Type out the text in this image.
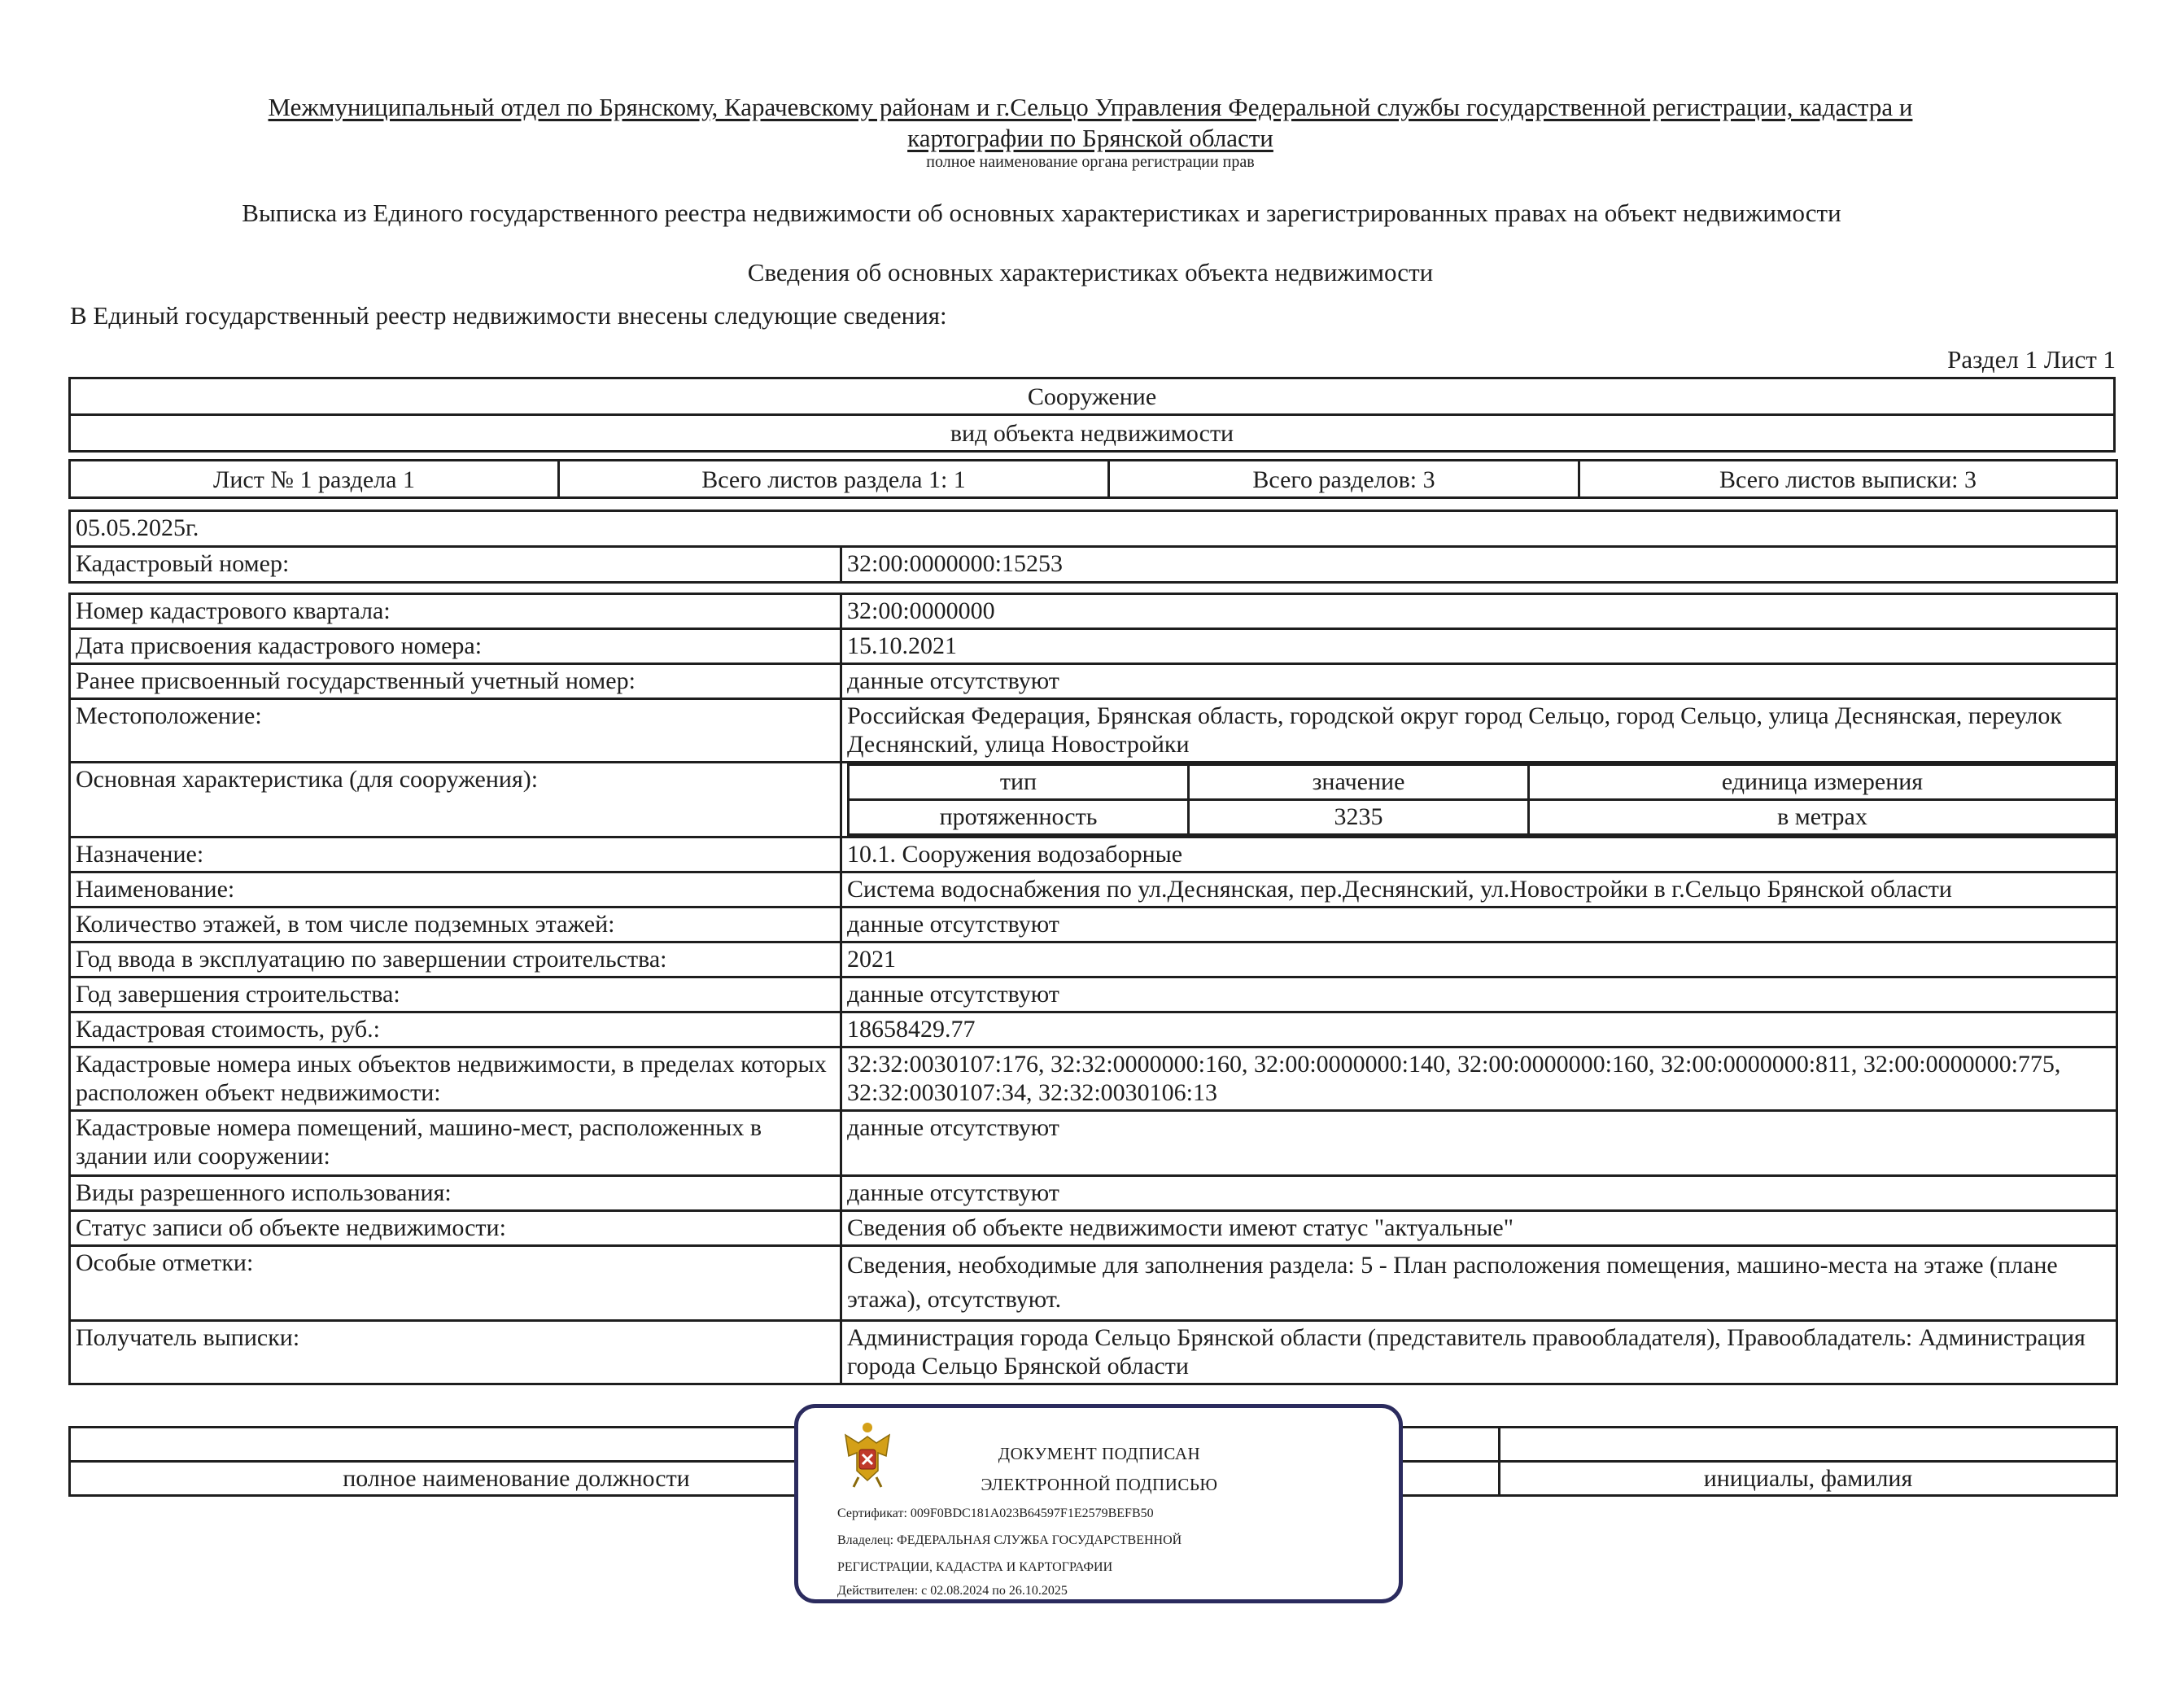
Межмуниципальный отдел по Брянскому, Карачевскому районам и г.Сельцо Управления Федеральной службы государственной регистрации, кадастра и
картографии по Брянской области
полное наименование органа регистрации прав
Выписка из Единого государственного реестра недвижимости об основных характеристиках и зарегистрированных правах на объект недвижимости
Сведения об основных характеристиках объекта недвижимости
В Единый государственный реестр недвижимости внесены следующие сведения:
Раздел 1 Лист 1
Сооружение
вид объекта недвижимости
Лист № 1 раздела 1	Всего листов раздела 1: 1	Всего разделов: 3	Всего листов выписки: 3
05.05.2025г.
Кадастровый номер:	32:00:0000000:15253
Номер кадастрового квартала:	32:00:0000000
Дата присвоения кадастрового номера:	15.10.2021
Ранее присвоенный государственный учетный номер:	данные отсутствуют
Местоположение:	Российская Федерация, Брянская область, городской округ город Сельцо, город Сельцо, улица Деснянская, переулок Деснянский, улица Новостройки
Основная характеристика (для сооружения):		тип	значение	единица измерения
протяженность	3235	в метрах

Назначение:	10.1. Сооружения водозаборные
Наименование:	Система водоснабжения по ул.Деснянская, пер.Деснянский, ул.Новостройки в г.Сельцо Брянской области
Количество этажей, в том числе подземных этажей:	данные отсутствуют
Год ввода в эксплуатацию по завершении строительства:	2021
Год завершения строительства:	данные отсутствуют
Кадастровая стоимость, руб.:	18658429.77
Кадастровые номера иных объектов недвижимости, в пределах которых расположен объект недвижимости:	32:32:0030107:176, 32:32:0000000:160, 32:00:0000000:140, 32:00:0000000:160, 32:00:0000000:811, 32:00:0000000:775, 32:32:0030107:34, 32:32:0030106:13
Кадастровые номера помещений, машино-мест, расположенных в здании или сооружении:	данные отсутствуют
Виды разрешенного использования:	данные отсутствуют
Статус записи об объекте недвижимости:	Сведения об объекте недвижимости имеют статус "актуальные"
Особые отметки:	Сведения, необходимые для заполнения раздела: 5 - План расположения помещения, машино-места на этаже (плане этажа), отсутствуют.
Получатель выписки:	Администрация города Сельцо Брянской области (представитель правообладателя), Правообладатель: Администрация города Сельцо Брянской области

полное наименование должности		инициалы, фамилия
ДОКУМЕНТ ПОДПИСАН
ЭЛЕКТРОННОЙ ПОДПИСЬЮ
Сертификат: 009F0BDC181A023B64597F1E2579BEFB50
Владелец: ФЕДЕРАЛЬНАЯ СЛУЖБА ГОСУДАРСТВЕННОЙ
РЕГИСТРАЦИИ, КАДАСТРА И КАРТОГРАФИИ
Действителен: с 02.08.2024 по 26.10.2025
